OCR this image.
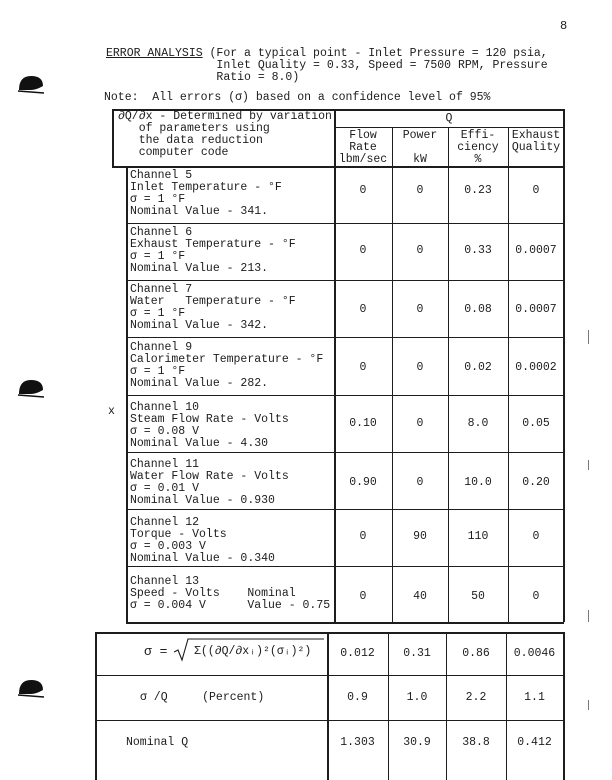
8
ERROR ANALYSIS (For a typical point - Inlet Pressure = 120 psia,
Inlet Quality = 0.33, Speed = 7500 RPM, Pressure
Ratio = 8.0)
Note:  All errors (σ) based on a confidence level of 95%
∂Q/∂x - Determined by variation
of parameters using
the data reduction
computer code
Q
Flow
Rate
lbm/sec
Power

kW
Effi-
ciency
%
Exhaust
Quality

x
Channel 5
Inlet Temperature - °F
σ = 1 °F
Nominal Value - 341.
0	0	0.23	0
Channel 6
Exhaust Temperature - °F
σ = 1 °F
Nominal Value - 213.
0	0	0.33	0.0007
Channel 7
Water   Temperature - °F
σ = 1 °F
Nominal Value - 342.
0	0	0.08	0.0007
Channel 9
Calorimeter Temperature - °F
σ = 1 °F
Nominal Value - 282.
0	0	0.02	0.0002
Channel 10
Steam Flow Rate - Volts
σ = 0.08 V
Nominal Value - 4.30
0.10	0	8.0	0.05
Channel 11
Water Flow Rate - Volts
σ = 0.01 V
Nominal Value - 0.930
0.90	0	10.0	0.20
Channel 12
Torque - Volts
σ = 0.003 V
Nominal Value - 0.340
0	90	110	0
Channel 13
Speed - Volts    Nominal
σ = 0.004 V      Value - 0.75
0	40	50	0
σ = Σ((∂Q/∂xᵢ)²(σᵢ)²)	0.012	0.31	0.86	0.0046
σ /Q     (Percent)	0.9	1.0	2.2	1.1
Nominal Q	1.303	30.9	38.8	0.412
